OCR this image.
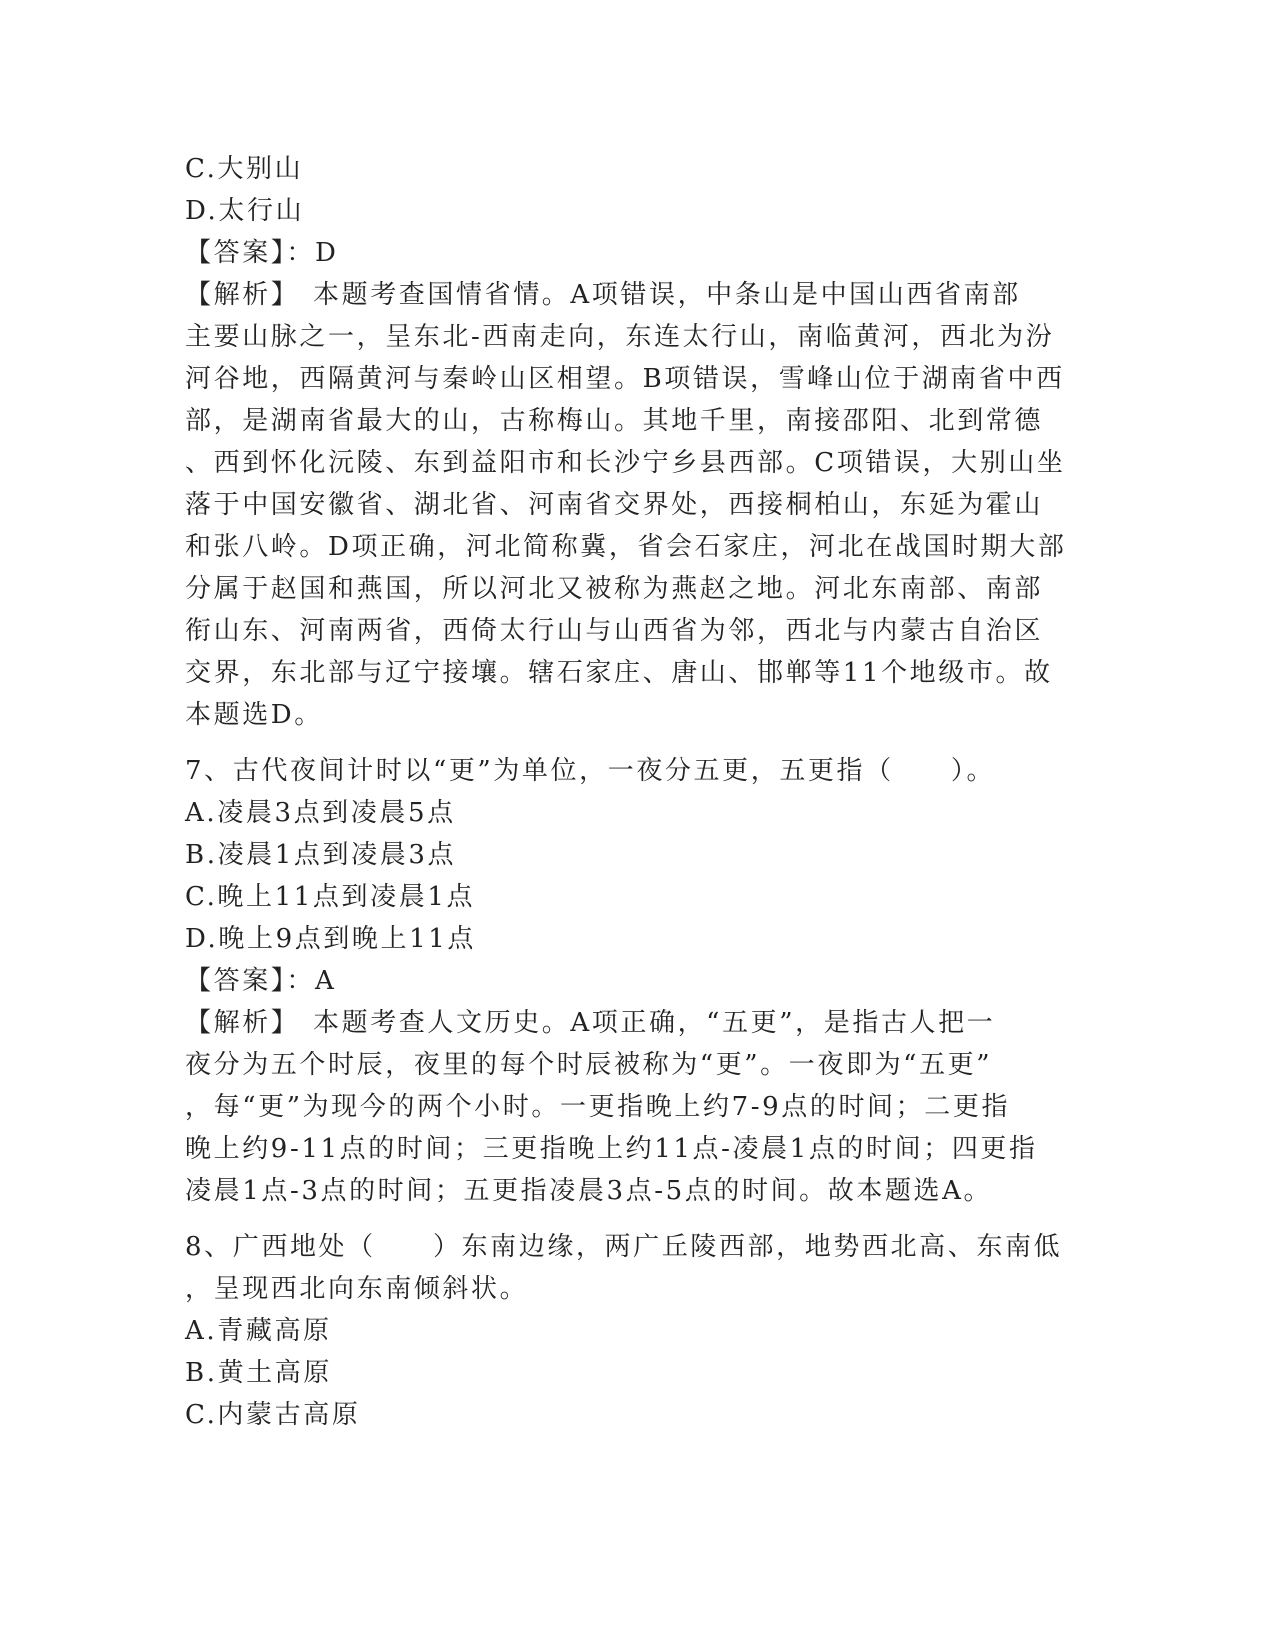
C.大别山
D.太行山
【答案】：D
【解析】 本题考查国情省情。A项错误，中条山是中国山西省南部
主要山脉之一，呈东北-西南走向，东连太行山，南临黄河，西北为汾
河谷地，西隔黄河与秦岭山区相望。B项错误，雪峰山位于湖南省中西
部，是湖南省最大的山，古称梅山。其地千里，南接邵阳、北到常德
、西到怀化沅陵、东到益阳市和长沙宁乡县西部。C项错误，大别山坐
落于中国安徽省、湖北省、河南省交界处，西接桐柏山，东延为霍山
和张八岭。D项正确，河北简称冀，省会石家庄，河北在战国时期大部
分属于赵国和燕国，所以河北又被称为燕赵之地。河北东南部、南部
衔山东、河南两省，西倚太行山与山西省为邻，西北与内蒙古自治区
交界，东北部与辽宁接壤。辖石家庄、唐山、邯郸等11个地级市。故
本题选D。
7、古代夜间计时以“更”为单位，一夜分五更，五更指（　　）。
A.凌晨3点到凌晨5点
B.凌晨1点到凌晨3点
C.晚上11点到凌晨1点
D.晚上9点到晚上11点
【答案】：A
【解析】 本题考查人文历史。A项正确，“五更”，是指古人把一
夜分为五个时辰，夜里的每个时辰被称为“更”。一夜即为“五更”
，每“更”为现今的两个小时。一更指晚上约7-9点的时间；二更指
晚上约9-11点的时间；三更指晚上约11点-凌晨1点的时间；四更指
凌晨1点-3点的时间；五更指凌晨3点-5点的时间。故本题选A。
8、广西地处（　　）东南边缘，两广丘陵西部，地势西北高、东南低
，呈现西北向东南倾斜状。
A.青藏高原
B.黄土高原
C.内蒙古高原
